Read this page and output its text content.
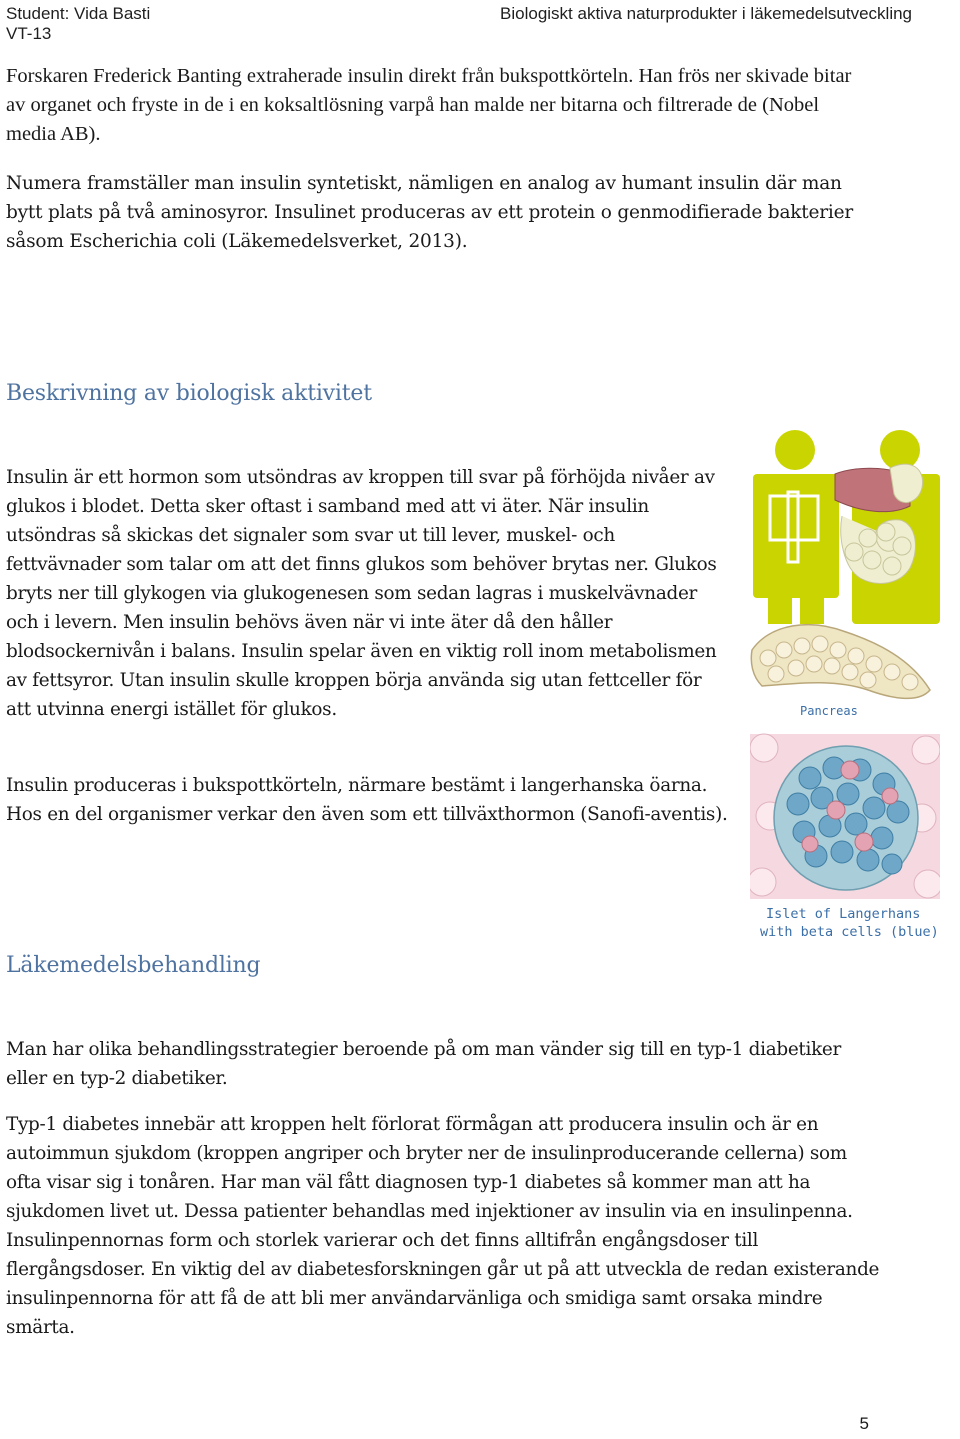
Student: Vida Basti
VT-13
Biologiskt aktiva naturprodukter i läkemedelsutveckling

Forskaren Frederick Banting extraherade insulin direkt från bukspottkörteln. Han frös ner skivade bitar av organet och fryste in de i en koksaltlösning varpå han malde ner bitarna och filtrerade de (Nobel media AB).

Numera framställer man insulin syntetiskt, nämligen en analog av humant insulin där man bytt plats på två aminosyror. Insulinet produceras av ett protein o genmodifierade bakterier såsom Escherichia coli (Läkemedelsverket, 2013).

Beskrivning av biologisk aktivitet

Insulin är ett hormon som utsöndras av kroppen till svar på förhöjda nivåer av glukos i blodet. Detta sker oftast i samband med att vi äter. När insulin utsöndras så skickas det signaler som svar ut till lever, muskel- och fettvävnader som talar om att det finns glukos som behöver brytas ner. Glukos bryts ner till glykogen via glukogenesen som sedan lagras i muskelvävnader och i levern. Men insulin behövs även när vi inte äter då den håller blodsockernivån i balans. Insulin spelar även en viktig roll inom metabolismen av fettsyror. Utan insulin skulle kroppen börja använda sig utan fettceller för att utvinna energi istället för glukos.

Insulin produceras i bukspottkörteln, närmare bestämt i langerhanska öarna. Hos en del organismer verkar den även som ett tillväxthormon (Sanofi-aventis).

Pancreas
Islet of Langerhans
with beta cells (blue)
Läkemedelsbehandling

Man har olika behandlingsstrategier beroende på om man vänder sig till en typ-1 diabetiker eller en typ-2 diabetiker.

Typ-1 diabetes innebär att kroppen helt förlorat förmågan att producera insulin och är en autoimmun sjukdom (kroppen angriper och bryter ner de insulinproducerande cellerna) som ofta visar sig i tonåren. Har man väl fått diagnosen typ-1 diabetes så kommer man att ha sjukdomen livet ut. Dessa patienter behandlas med injektioner av insulin via en insulinpenna. Insulinpennornas form och storlek varierar och det finns alltifrån engångsdoser till flergångsdoser. En viktig del av diabetesforskningen går ut på att utveckla de redan existerande insulinpennorna för att få de att bli mer användarvänliga och smidiga samt orsaka mindre smärta.

5
